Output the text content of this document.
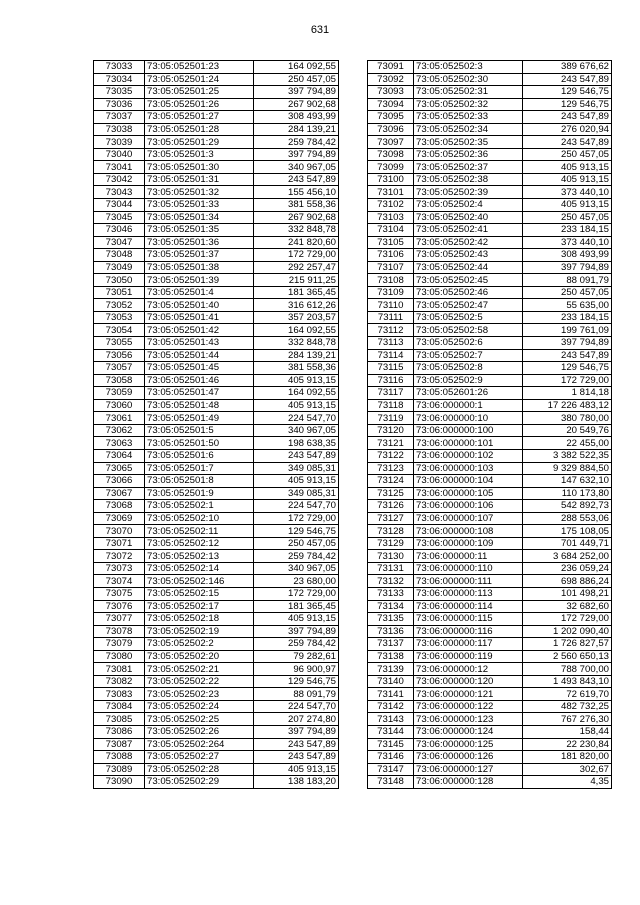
631
73033	73:05:052501:23	164 092,55
73034	73:05:052501:24	250 457,05
73035	73:05:052501:25	397 794,89
73036	73:05:052501:26	267 902,68
73037	73:05:052501:27	308 493,99
73038	73:05:052501:28	284 139,21
73039	73:05:052501:29	259 784,42
73040	73:05:052501:3	397 794,89
73041	73:05:052501:30	340 967,05
73042	73:05:052501:31	243 547,89
73043	73:05:052501:32	155 456,10
73044	73:05:052501:33	381 558,36
73045	73:05:052501:34	267 902,68
73046	73:05:052501:35	332 848,78
73047	73:05:052501:36	241 820,60
73048	73:05:052501:37	172 729,00
73049	73:05:052501:38	292 257,47
73050	73:05:052501:39	215 911,25
73051	73:05:052501:4	181 365,45
73052	73:05:052501:40	316 612,26
73053	73:05:052501:41	357 203,57
73054	73:05:052501:42	164 092,55
73055	73:05:052501:43	332 848,78
73056	73:05:052501:44	284 139,21
73057	73:05:052501:45	381 558,36
73058	73:05:052501:46	405 913,15
73059	73:05:052501:47	164 092,55
73060	73:05:052501:48	405 913,15
73061	73:05:052501:49	224 547,70
73062	73:05:052501:5	340 967,05
73063	73:05:052501:50	198 638,35
73064	73:05:052501:6	243 547,89
73065	73:05:052501:7	349 085,31
73066	73:05:052501:8	405 913,15
73067	73:05:052501:9	349 085,31
73068	73:05:052502:1	224 547,70
73069	73:05:052502:10	172 729,00
73070	73:05:052502:11	129 546,75
73071	73:05:052502:12	250 457,05
73072	73:05:052502:13	259 784,42
73073	73:05:052502:14	340 967,05
73074	73:05:052502:146	23 680,00
73075	73:05:052502:15	172 729,00
73076	73:05:052502:17	181 365,45
73077	73:05:052502:18	405 913,15
73078	73:05:052502:19	397 794,89
73079	73:05:052502:2	259 784,42
73080	73:05:052502:20	79 282,61
73081	73:05:052502:21	96 900,97
73082	73:05:052502:22	129 546,75
73083	73:05:052502:23	88 091,79
73084	73:05:052502:24	224 547,70
73085	73:05:052502:25	207 274,80
73086	73:05:052502:26	397 794,89
73087	73:05:052502:264	243 547,89
73088	73:05:052502:27	243 547,89
73089	73:05:052502:28	405 913,15
73090	73:05:052502:29	138 183,20
73091	73:05:052502:3	389 676,62
73092	73:05:052502:30	243 547,89
73093	73:05:052502:31	129 546,75
73094	73:05:052502:32	129 546,75
73095	73:05:052502:33	243 547,89
73096	73:05:052502:34	276 020,94
73097	73:05:052502:35	243 547,89
73098	73:05:052502:36	250 457,05
73099	73:05:052502:37	405 913,15
73100	73:05:052502:38	405 913,15
73101	73:05:052502:39	373 440,10
73102	73:05:052502:4	405 913,15
73103	73:05:052502:40	250 457,05
73104	73:05:052502:41	233 184,15
73105	73:05:052502:42	373 440,10
73106	73:05:052502:43	308 493,99
73107	73:05:052502:44	397 794,89
73108	73:05:052502:45	88 091,79
73109	73:05:052502:46	250 457,05
73110	73:05:052502:47	55 635,00
73111	73:05:052502:5	233 184,15
73112	73:05:052502:58	199 761,09
73113	73:05:052502:6	397 794,89
73114	73:05:052502:7	243 547,89
73115	73:05:052502:8	129 546,75
73116	73:05:052502:9	172 729,00
73117	73:05:052601:26	1 814,18
73118	73:06:000000:1	17 226 483,12
73119	73:06:000000:10	380 780,00
73120	73:06:000000:100	20 549,76
73121	73:06:000000:101	22 455,00
73122	73:06:000000:102	3 382 522,35
73123	73:06:000000:103	9 329 884,50
73124	73:06:000000:104	147 632,10
73125	73:06:000000:105	110 173,80
73126	73:06:000000:106	542 892,73
73127	73:06:000000:107	288 553,06
73128	73:06:000000:108	175 108,05
73129	73:06:000000:109	701 449,71
73130	73:06:000000:11	3 684 252,00
73131	73:06:000000:110	236 059,24
73132	73:06:000000:111	698 886,24
73133	73:06:000000:113	101 498,21
73134	73:06:000000:114	32 682,60
73135	73:06:000000:115	172 729,00
73136	73:06:000000:116	1 202 090,40
73137	73:06:000000:117	1 726 827,57
73138	73:06:000000:119	2 560 650,13
73139	73:06:000000:12	788 700,00
73140	73:06:000000:120	1 493 843,10
73141	73:06:000000:121	72 619,70
73142	73:06:000000:122	482 732,25
73143	73:06:000000:123	767 276,30
73144	73:06:000000:124	158,44
73145	73:06:000000:125	22 230,84
73146	73:06:000000:126	181 820,00
73147	73:06:000000:127	302,67
73148	73:06:000000:128	4,35
